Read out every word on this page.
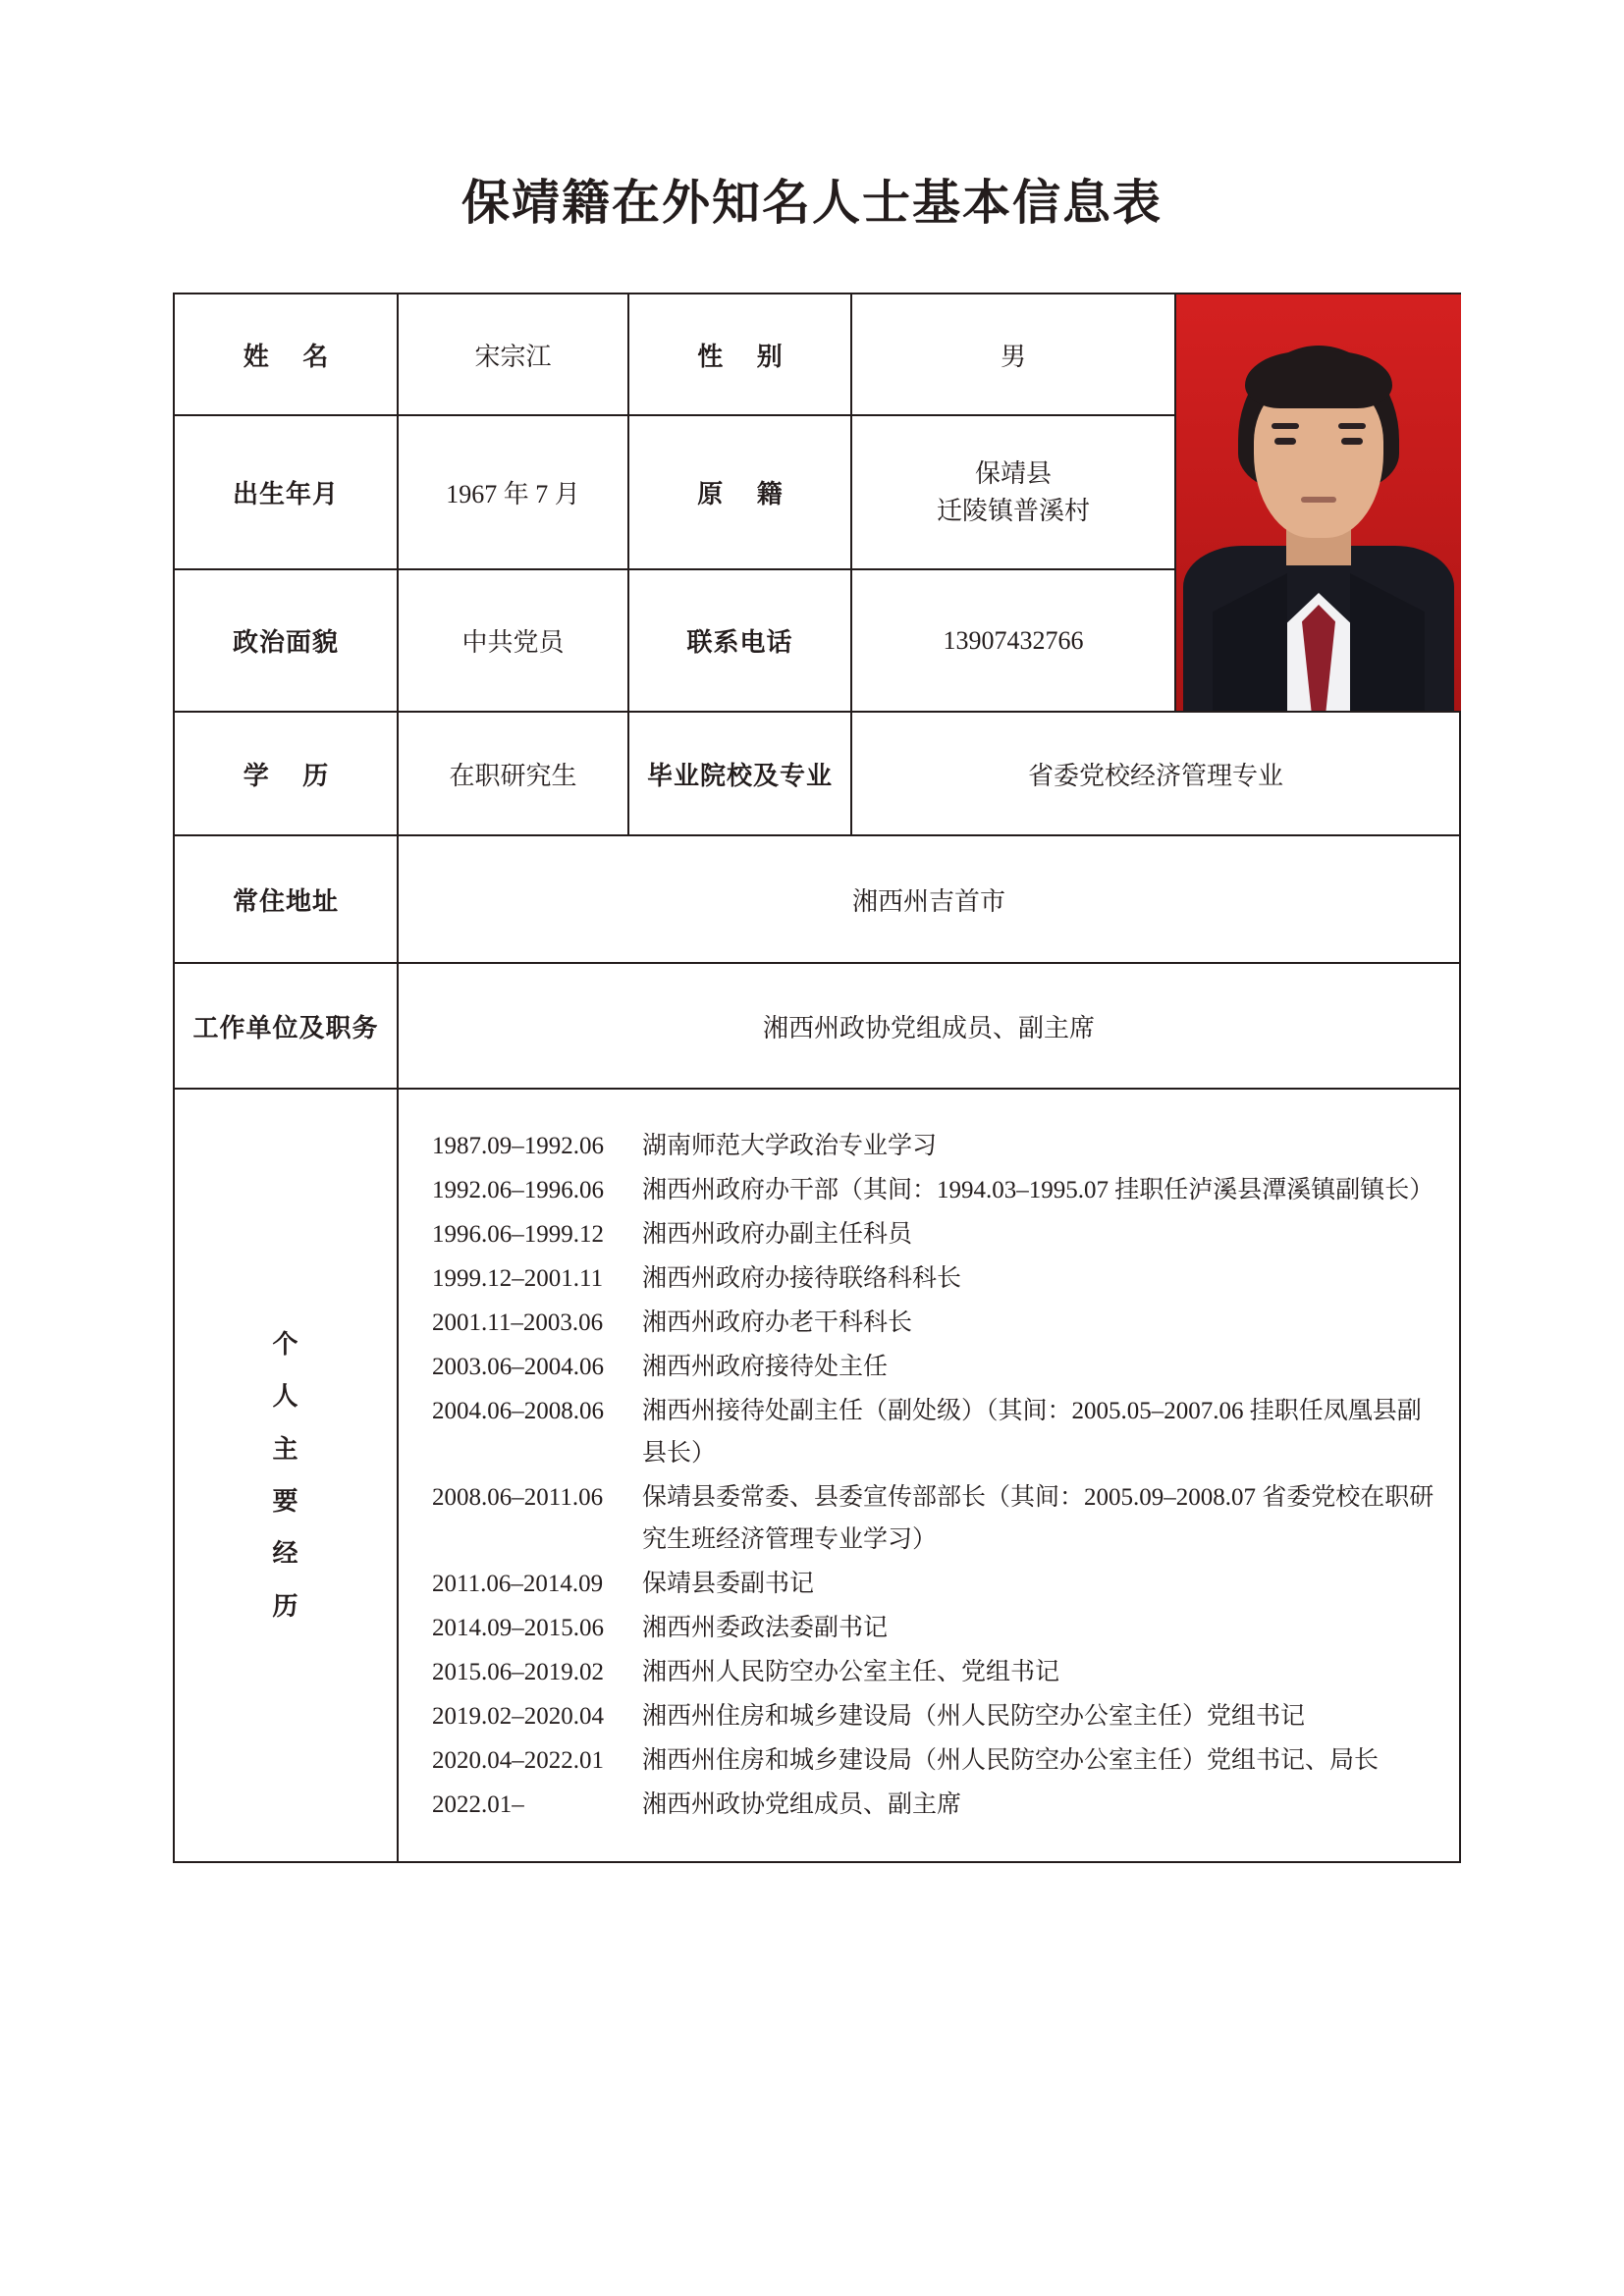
保靖籍在外知名人士基本信息表
姓 名	宋宗江	性 别	男	

出生年月	1967 年 7 月	原 籍	保靖县
迁陵镇普溪村	

政治面貌	中共党员	联系电话	13907432766	
学 历	在职研究生	毕业院校及专业	省委党校经济管理专业	
常住地址	湘西州吉首市			
工作单位及职务	湘西州政协党组成员、副主席			

个
人
主
要
经
历

1987.09–1992.06	湖南师范大学政治专业学习
1992.06–1996.06	湘西州政府办干部（其间：1994.03–1995.07 挂职任泸溪县潭溪镇副镇长）
1996.06–1999.12	湘西州政府办副主任科员
1999.12–2001.11	湘西州政府办接待联络科科长
2001.11–2003.06	湘西州政府办老干科科长
2003.06–2004.06	湘西州政府接待处主任
2004.06–2008.06	湘西州接待处副主任（副处级）（其间：2005.05–2007.06 挂职任凤凰县副县长）
2008.06–2011.06	保靖县委常委、县委宣传部部长（其间：2005.09–2008.07 省委党校在职研究生班经济管理专业学习）
2011.06–2014.09	保靖县委副书记
2014.09–2015.06	湘西州委政法委副书记
2015.06–2019.02	湘西州人民防空办公室主任、党组书记
2019.02–2020.04	湘西州住房和城乡建设局（州人民防空办公室主任）党组书记
2020.04–2022.01	湘西州住房和城乡建设局（州人民防空办公室主任）党组书记、局长
2022.01–	湘西州政协党组成员、副主席
